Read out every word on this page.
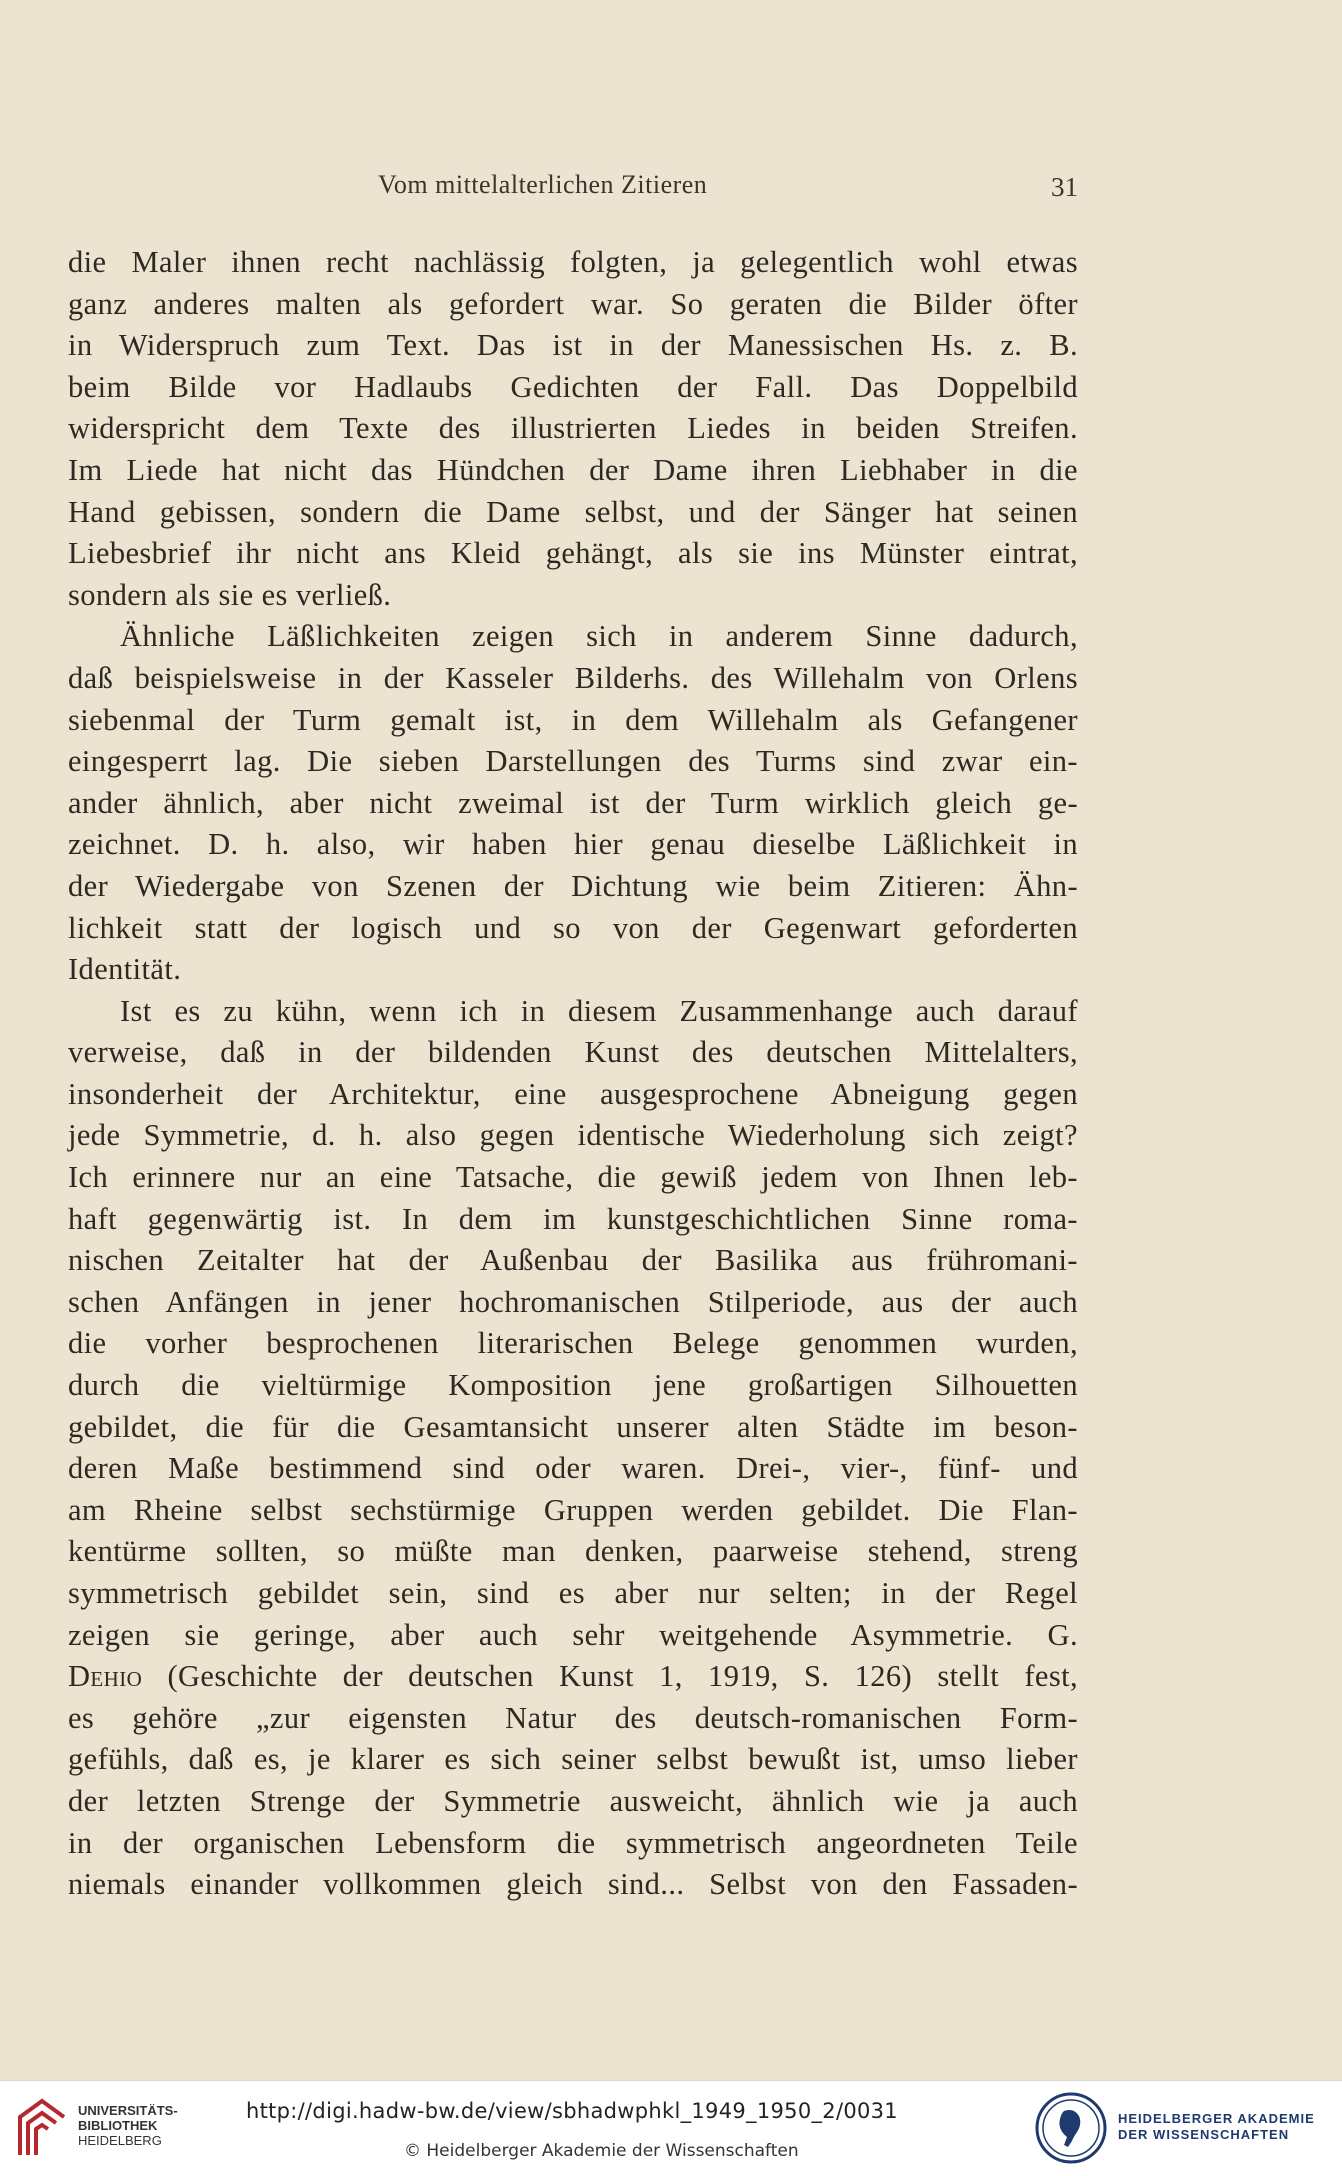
Vom mittelalterlichen Zitieren	31
die Maler ihnen recht nachlässig folgten, ja gelegentlich wohl etwas
ganz anderes malten als gefordert war. So geraten die Bilder öfter
in Widerspruch zum Text. Das ist in der Manessischen Hs. z. B.
beim Bilde vor Hadlaubs Gedichten der Fall. Das Doppelbild
widerspricht dem Texte des illustrierten Liedes in beiden Streifen.
Im Liede hat nicht das Hündchen der Dame ihren Liebhaber in die
Hand gebissen, sondern die Dame selbst, und der Sänger hat seinen
Liebesbrief ihr nicht ans Kleid gehängt, als sie ins Münster eintrat,
sondern als sie es verließ.
Ähnliche Läßlichkeiten zeigen sich in anderem Sinne dadurch,
daß beispielsweise in der Kasseler Bilderhs. des Willehalm von Orlens
siebenmal der Turm gemalt ist, in dem Willehalm als Gefangener
eingesperrt lag. Die sieben Darstellungen des Turms sind zwar ein-
ander ähnlich, aber nicht zweimal ist der Turm wirklich gleich ge-
zeichnet. D. h. also, wir haben hier genau dieselbe Läßlichkeit in
der Wiedergabe von Szenen der Dichtung wie beim Zitieren: Ähn-
lichkeit statt der logisch und so von der Gegenwart geforderten
Identität.
Ist es zu kühn, wenn ich in diesem Zusammenhange auch darauf
verweise, daß in der bildenden Kunst des deutschen Mittelalters,
insonderheit der Architektur, eine ausgesprochene Abneigung gegen
jede Symmetrie, d. h. also gegen identische Wiederholung sich zeigt?
Ich erinnere nur an eine Tatsache, die gewiß jedem von Ihnen leb-
haft gegenwärtig ist. In dem im kunstgeschichtlichen Sinne roma-
nischen Zeitalter hat der Außenbau der Basilika aus frühromani-
schen Anfängen in jener hochromanischen Stilperiode, aus der auch
die vorher besprochenen literarischen Belege genommen wurden,
durch die vieltürmige Komposition jene großartigen Silhouetten
gebildet, die für die Gesamtansicht unserer alten Städte im beson-
deren Maße bestimmend sind oder waren. Drei-, vier-, fünf- und
am Rheine selbst sechstürmige Gruppen werden gebildet. Die Flan-
kentürme sollten, so müßte man denken, paarweise stehend, streng
symmetrisch gebildet sein, sind es aber nur selten; in der Regel
zeigen sie geringe, aber auch sehr weitgehende Asymmetrie. G.
Dehio (Geschichte der deutschen Kunst 1, 1919, S. 126) stellt fest,
es gehöre „zur eigensten Natur des deutsch-romanischen Form-
gefühls, daß es, je klarer es sich seiner selbst bewußt ist, umso lieber
der letzten Strenge der Symmetrie ausweicht, ähnlich wie ja auch
in der organischen Lebensform die symmetrisch angeordneten Teile
niemals einander vollkommen gleich sind... Selbst von den Fassaden-
UNIVERSITÄTS-
BIBLIOTHEK
HEIDELBERG
http://digi.hadw-bw.de/view/sbhadwphkl_1949_1950_2/0031
© Heidelberger Akademie der Wissenschaften
HEIDELBERGER AKADEMIE
DER WISSENSCHAFTEN
